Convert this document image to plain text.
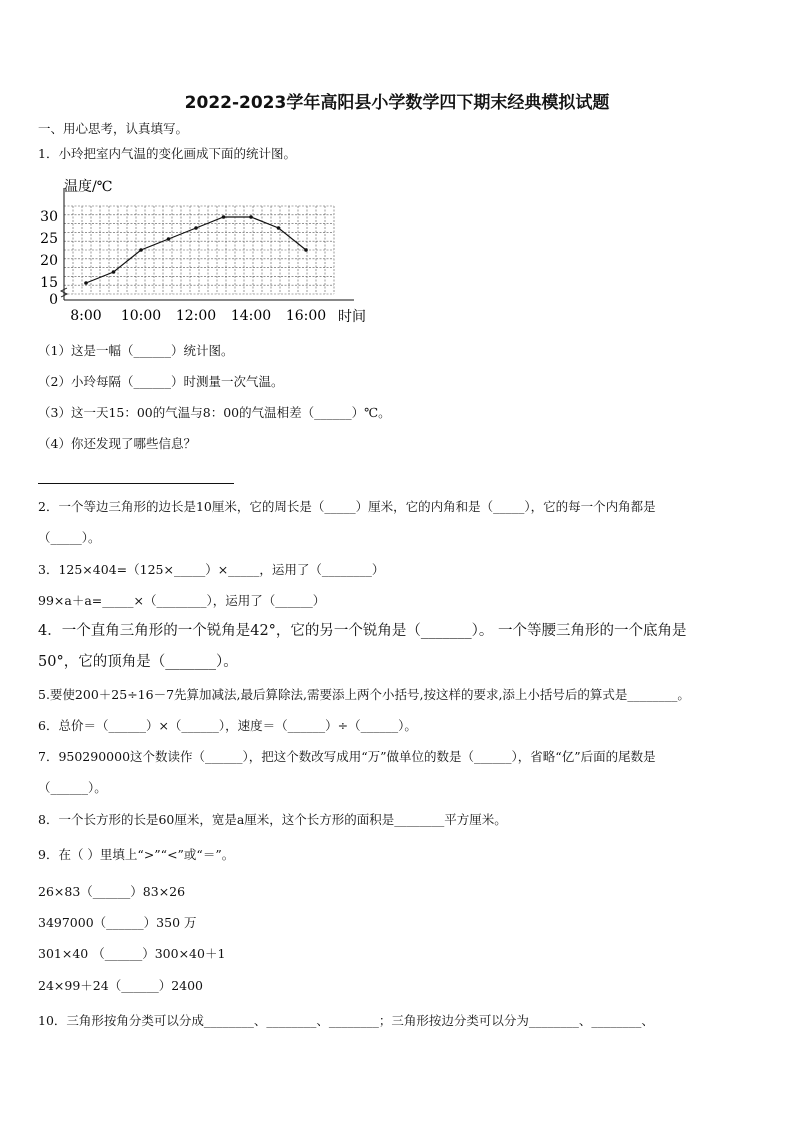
2022-2023学年高阳县小学数学四下期末经典模拟试题
一、用心思考，认真填写。
1．小玲把室内气温的变化画成下面的统计图。
0
15
20
25
30
8:00 10:00 12:00 14:00 16:00
温度/℃
时间
（1）这是一幅（______）统计图。
（2）小玲每隔（______）时测量一次气温。
（3）这一天15：00的气温与8：00的气温相差（______）℃。
（4）你还发现了哪些信息？
2．一个等边三角形的边长是10厘米，它的周长是（_____）厘米，它的内角和是（_____），它的每一个内角都是
（_____）。
3．125×404=（125×_____）×_____，运用了（________）
99×a＋a=_____×（________），运用了（______）
4．一个直角三角形的一个锐角是42°，它的另一个锐角是（_______）。 一个等腰三角形的一个底角是
50°，它的顶角是（_______）。
5.要使200＋25÷16－7先算加减法,最后算除法,需要添上两个小括号,按这样的要求,添上小括号后的算式是________。
6．总价＝（______）×（______），速度＝（______）÷（______）。
7．950290000这个数读作（______），把这个数改写成用“万”做单位的数是（______），省略“亿”后面的尾数是
（______）。
8．一个长方形的长是60厘米，宽是a厘米，这个长方形的面积是________平方厘米。
9．在（ ）里填上“>”“<”或“＝”。
26×83（______）83×26
3497000（______）350 万
301×40 （______）300×40＋1
24×99＋24（______）2400
10．三角形按角分类可以分成________、________、________；三角形按边分类可以分为________、________、
